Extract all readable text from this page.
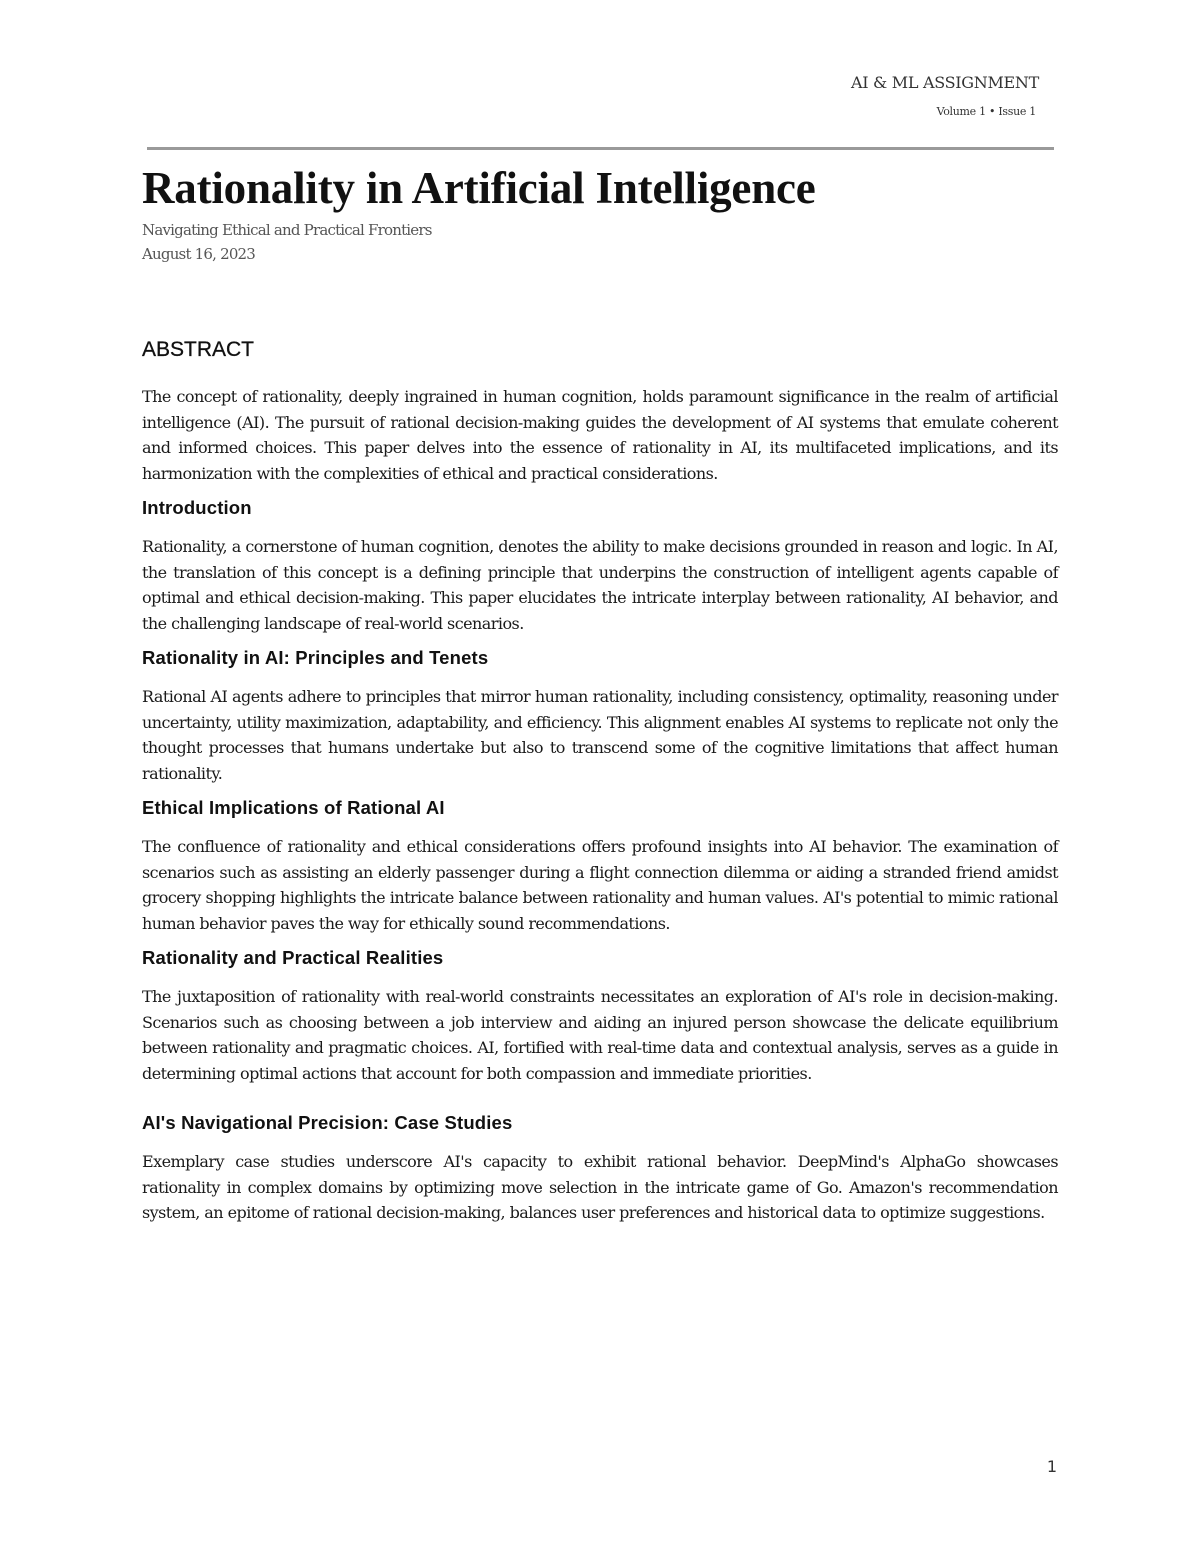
AI & ML ASSIGNMENT
Volume 1 • Issue 1
Rationality in Artificial Intelligence
Navigating Ethical and Practical Frontiers
August 16, 2023
ABSTRACT

The concept of rationality, deeply ingrained in human cognition, holds paramount significance in the realm of artificial intelligence (AI). The pursuit of rational decision-making guides the development of AI systems that emulate coherent and informed choices. This paper delves into the essence of rationality in AI, its multifaceted implications, and its harmonization with the complexities of ethical and practical considerations.

Introduction

Rationality, a cornerstone of human cognition, denotes the ability to make decisions grounded in reason and logic. In AI, the translation of this concept is a defining principle that underpins the construction of intelligent agents capable of optimal and ethical decision-making. This paper elucidates the intricate interplay between rationality, AI behavior, and the challenging landscape of real-world scenarios.

Rationality in AI: Principles and Tenets

Rational AI agents adhere to principles that mirror human rationality, including consistency, optimality, reasoning under uncertainty, utility maximization, adaptability, and efficiency. This alignment enables AI systems to replicate not only the thought processes that humans undertake but also to transcend some of the cognitive limitations that affect human rationality.

Ethical Implications of Rational AI

The confluence of rationality and ethical considerations offers profound insights into AI behavior. The examination of scenarios such as assisting an elderly passenger during a flight connection dilemma or aiding a stranded friend amidst grocery shopping highlights the intricate balance between rationality and human values. AI's potential to mimic rational human behavior paves the way for ethically sound recommendations.

Rationality and Practical Realities

The juxtaposition of rationality with real-world constraints necessitates an exploration of AI's role in decision-making. Scenarios such as choosing between a job interview and aiding an injured person showcase the delicate equilibrium between rationality and pragmatic choices. AI, fortified with real-time data and contextual analysis, serves as a guide in determining optimal actions that account for both compassion and immediate priorities.

AI's Navigational Precision: Case Studies

Exemplary case studies underscore AI's capacity to exhibit rational behavior. DeepMind's AlphaGo showcases rationality in complex domains by optimizing move selection in the intricate game of Go. Amazon's recommendation system, an epitome of rational decision-making, balances user preferences and historical data to optimize suggestions.

1
